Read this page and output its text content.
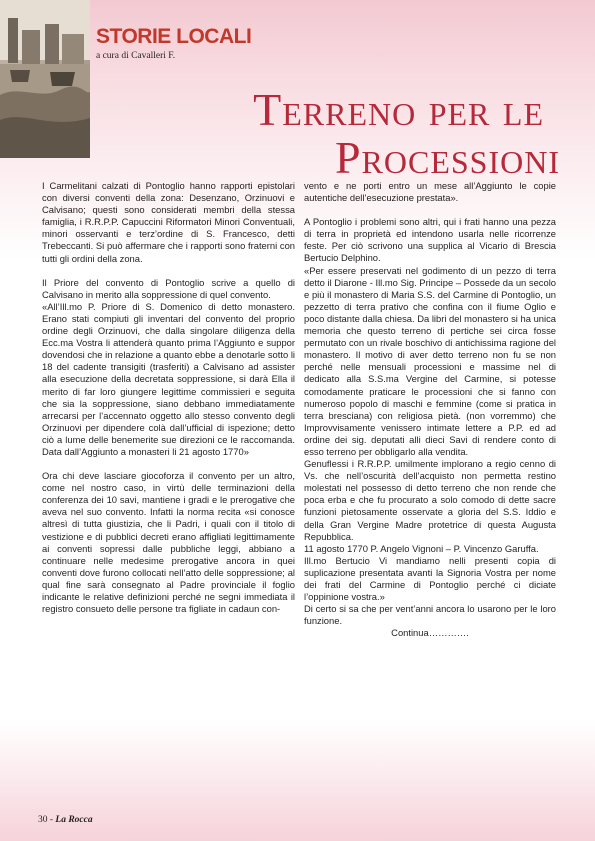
STORIE LOCALI
a cura di Cavalleri F.
Terreno per le
Processioni

I Carmelitani calzati di Pontoglio hanno rapporti epistolari con diversi conventi della zona: Desenzano, Orzinuovi e Calvisano; questi sono considerati membri della stessa famiglia, i R.R.P.P. Capuccini Riformatori Minori Conventuali, minori osservanti e terz’ordine di S. Francesco, detti Trebeccanti. Si può affermare che i rapporti sono fraterni con tutti gli ordini della zona.

Il Priore del convento di Pontoglio scrive a quello di Calvisano in merito alla soppressione di quel convento.

«All’Ill.mo P. Priore di S. Domenico di detto monastero. Erano stati compiuti gli inventari del convento del proprio ordine degli Orzinuovi, che dalla singolare diligenza della Ecc.ma Vostra li attenderà quanto prima l’Aggiunto e suppor dovendosi che in relazione a quanto ebbe a denotarle sotto li 18 del cadente transigiti (trasferiti) a Calvisano ad assister alla esecuzione della decretata soppressione, si darà Ella il merito di far loro giungere legittime commissieri e seguita che sia la soppressione, siano debbano immediatamente arrecarsi per l’accennato oggetto allo stesso convento degli Orzinuovi per dipendere colà dall’ufficial di ispezione; detto ciò a lume delle benemerite sue direzioni ce le raccomanda. Data dall’Aggiunto a monasteri li 21 agosto 1770»

Ora chi deve lasciare giocoforza il convento per un altro, come nel nostro caso, in virtù delle terminazioni della conferenza dei 10 savi, mantiene i gradi e le prerogative che aveva nel suo convento. Infatti la norma recita «si conosce altresì di tutta giustizia, che li Padri, i quali con il titolo di vestizione e di pubblici decreti erano affigliati legittimamente ai conventi sopressi dalle pubbliche leggi, abbiano a continuare nelle medesime prerogative ancora in quei conventi dove furono collocati nell’atto delle soppressione; al qual fine sarà consegnato al Padre provinciale il foglio indicante le relative definizioni perché ne segni immediata il registro consueto delle persone tra figliate in cadaun con-

vento e ne porti entro un mese all’Aggiunto le copie autentiche dell’esecuzione prestata».

A Pontoglio i problemi sono altri, qui i frati hanno una pezza di terra in proprietà ed intendono usarla nelle ricorrenze feste. Per ciò scrivono una supplica al Vicario di Brescia Bertucio Delphino.

«Per essere preservati nel godimento di un pezzo di terra detto il Diarone - Ill.mo Sig. Principe – Possede da un secolo e più il monastero di Maria S.S. del Carmine di Pontoglio, un pezzetto di terra prativo che confina con il fiume Oglio e poco distante dalla chiesa. Da libri del monastero si ha unica memoria che questo terreno di pertiche sei circa fosse permutato con un rivale boschivo di antichissima ragione del monastero. Il motivo di aver detto terreno non fu se non perché nelle mensuali processioni e massime nel di dedicato alla S.S.ma Vergine del Carmine, si potesse comodamente praticare le processioni che si fanno con numeroso popolo di maschi e femmine (come si pratica in terra bresciana) con religiosa pietà. (non vorremmo) che Improvvisamente venissero intimate lettere a P.P. ed ad ordine dei sig. deputati alli dieci Savi di rendere conto di esso terreno per obbligarlo alla vendita.

Genuflessi i R.R.P.P. umilmente implorano a regio cenno di Vs. che nell’oscurità dell’acquisto non permetta restino molestati nel possesso di detto terreno che non rende che poca erba e che fu procurato a solo comodo di dette sacre funzioni pietosamente osservate a gloria del S.S. Iddio e della Gran Vergine Madre protetrice di questa Augusta Repubblica.

11 agosto 1770 P. Angelo Vignoni – P. Vincenzo Garuffa.

Ill.mo Bertucio Vi mandiamo nelli presenti copia di suplicazione presentata avanti la Signoria Vostra per nome dei frati del Carmine di Pontoglio perché ci diciate l’oppinione vostra.»

Di certo si sa che per vent’anni ancora lo usarono per le loro funzione.

Continua………….

30 - La Rocca
